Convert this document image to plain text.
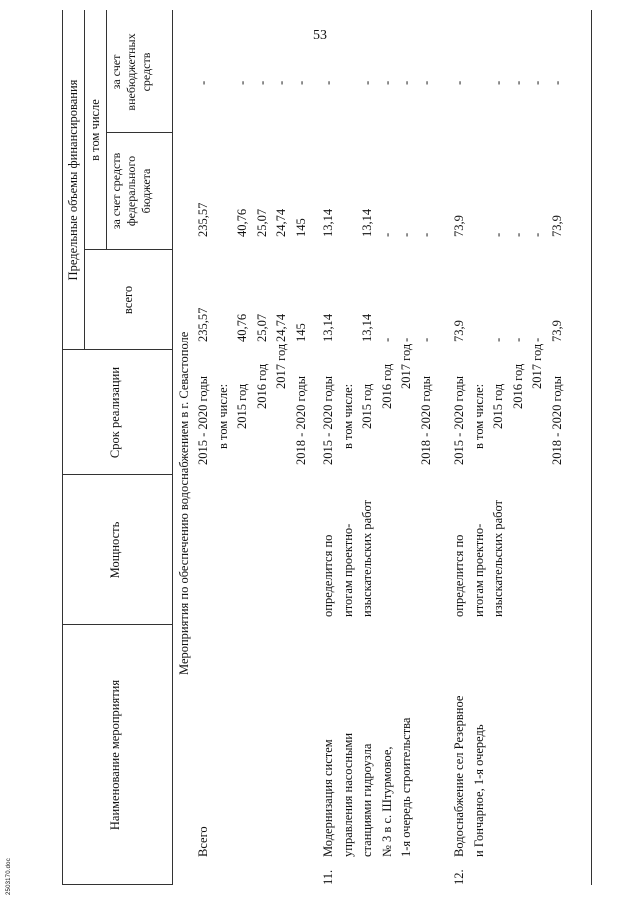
53
2503170.doc
Наименование мероприятия
Мощность
Срок реализации
Предельные объемы финансирования
всего
в том числе
за счет средств федерального бюджета
за счет внебюджетных средств
Мероприятия по обеспечению водоснабжением в г. Севастополе
Всего
2015 - 2020 годы
235,57
235,57
-
в том числе: 2015 год
40,76
40,76
-
2016 год
25,07
25,07
-
2017 год
24,74
24,74
-
2018 - 2020 годы
145
145
-
11.
Модернизация систем управления насосными станциями гидроузла № 3 в с. Штурмовое, 1-я очередь строительства
определится по итогам проектно- изыскательских работ
2015 - 2020 годы
13,14
13,14
-
в том числе: 2015 год
13,14
13,14
-
2016 год
-
-
-
2017 год
-
-
-
2018 - 2020 годы
-
-
-
12.
Водоснабжение сел Резервное и Гончарное, 1-я очередь
определится по итогам проектно- изыскательских работ
2015 - 2020 годы
73,9
73,9
-
в том числе: 2015 год
-
-
-
2016 год
-
-
-
2017 год
-
-
-
2018 - 2020 годы
73,9
73,9
-
